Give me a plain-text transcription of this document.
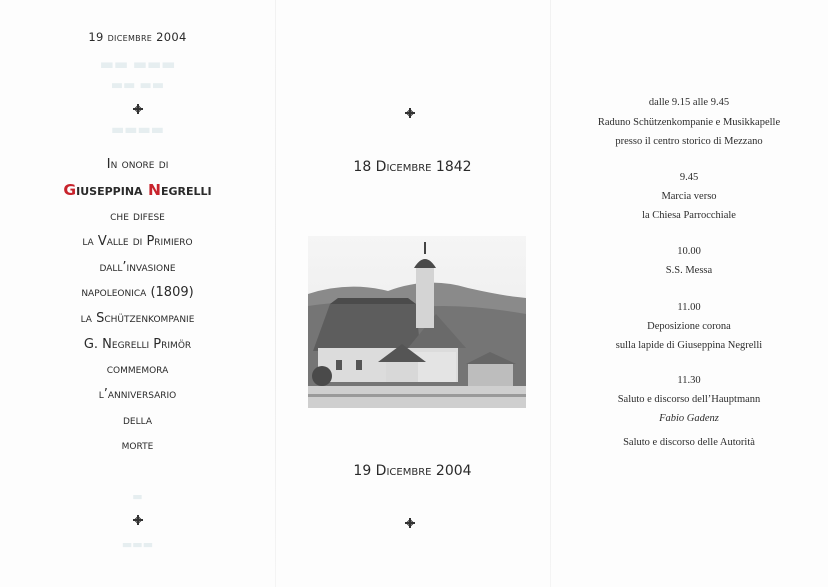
▬▬ ▬▬▬
▬▬ ▬▬
▬▬▬▬
19 dicembre 2004
In onore di
Giuseppina Negrelli
che difese
la Valle di Primiero
dall’invasione
napoleonica (1809)
la Schützenkompanie
G. Negrelli Primör
commemora
l’anniversario
della
morte
▬
▬▬▬
18 Dicembre 1842
19 Dicembre 2004
dalle 9.15 alle 9.45
Raduno Schützenkompanie e Musikkapelle
presso il centro storico di Mezzano
9.45
Marcia verso
la Chiesa Parrocchiale
10.00
S.S. Messa
11.00
Deposizione corona
sulla lapide di Giuseppina Negrelli
11.30
Saluto e discorso dell’Hauptmann
Fabio Gadenz
Saluto e discorso delle Autorità
